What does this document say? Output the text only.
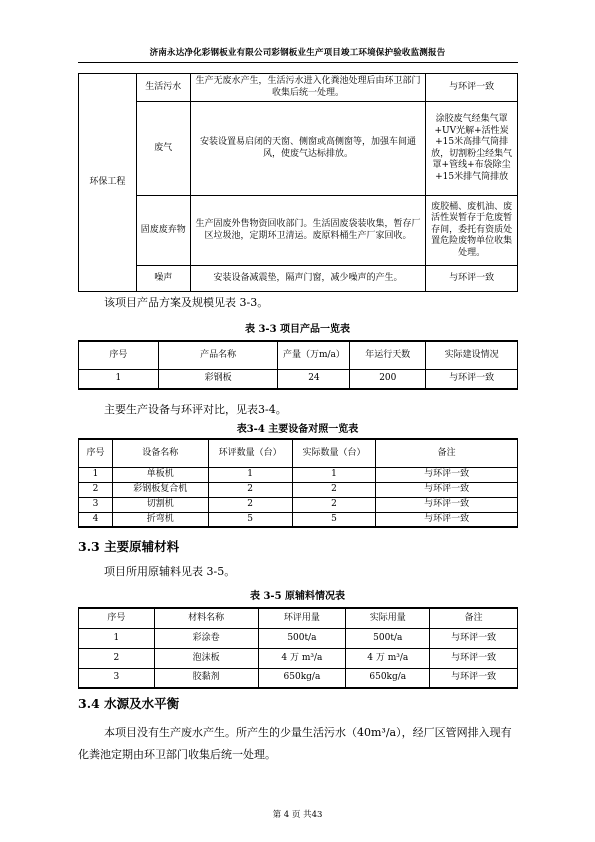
济南永达净化彩钢板业有限公司彩钢板业生产项目竣工环境保护验收监测报告
环保工程	生活污水	生产无废水产生，生活污水进入化粪池处理后由环卫部门收集后统一处理。	与环评一致
	废气	安装设置易启闭的天窗、侧窗或高侧窗等，加强车间通风，使废气达标排放。	涂胶废气经集气罩+UV光解+活性炭+15米高排气筒排放，切割粉尘经集气罩+管线+布袋除尘+15米排气筒排放
	固废废弃物	生产固废外售物资回收部门。生活固废袋装收集，暂存厂区垃圾池，定期环卫清运。废原料桶生产厂家回收。	废胶桶、废机油、废活性炭暂存于危废暂存间，委托有资质处置危险废物单位收集处理。
	噪声	安装设备减震垫，隔声门窗，减少噪声的产生。	与环评一致
该项目产品方案及规模见表 3-3。
表 3-3 项目产品一览表
序号	产品名称	产量（万m/a）	年运行天数	实际建设情况
1	彩钢板	24	200	与环评一致
主要生产设备与环评对比，见表3-4。
表3-4 主要设备对照一览表
序号	设备名称	环评数量（台）	实际数量（台）	备注
1	单板机	1	1	与环评一致
2	彩钢板复合机	2	2	与环评一致
3	切割机	2	2	与环评一致
4	折弯机	5	5	与环评一致
3.3 主要原辅材料
项目所用原辅料见表 3-5。
表 3-5 原辅料情况表
序号	材料名称	环评用量	实际用量	备注
1	彩涂卷	500t/a	500t/a	与环评一致
2	泡沫板	4 万 m³/a	4 万 m³/a	与环评一致
3	胶黏剂	650kg/a	650kg/a	与环评一致
3.4 水源及水平衡
本项目没有生产废水产生。所产生的少量生活污水（40m³/a），经厂区管网排入现有化粪池定期由环卫部门收集后统一处理。
第 4 页 共43
